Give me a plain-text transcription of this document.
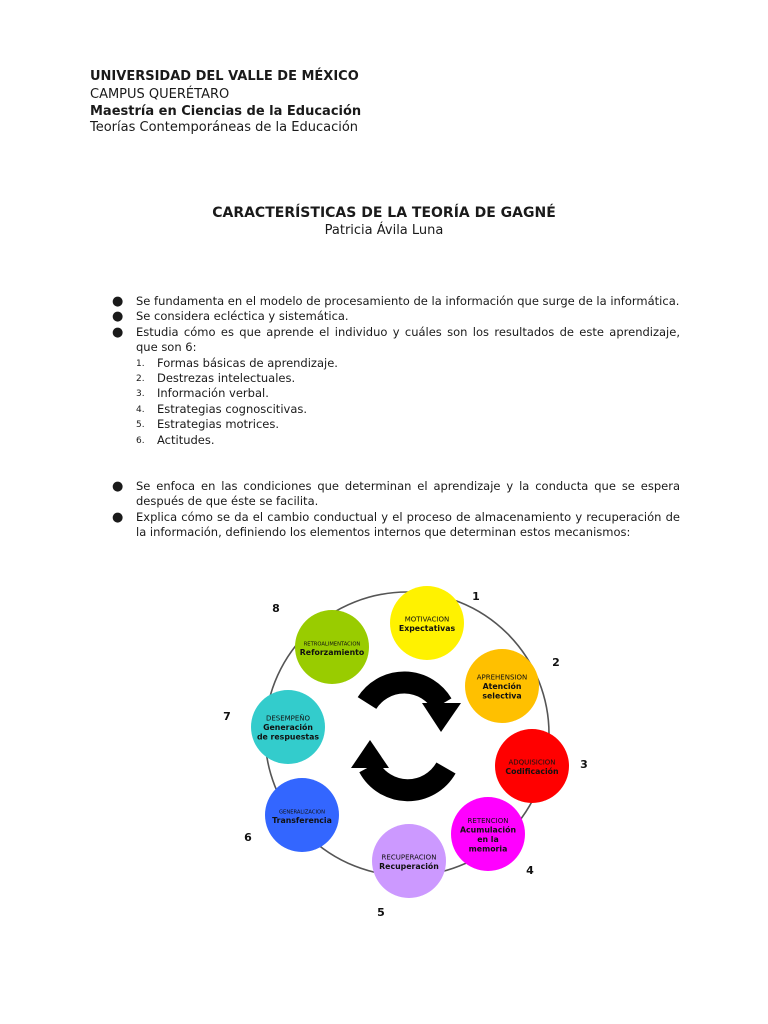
UNIVERSIDAD DEL VALLE DE MÉXICO
CAMPUS QUERÉTARO
Maestría en Ciencias de la Educación
Teorías Contemporáneas de la Educación
CARACTERÍSTICAS DE LA TEORÍA DE GAGNÉ
Patricia Ávila Luna
● Se fundamenta en el modelo de procesamiento de la información que surge de la informática.
● Se considera ecléctica y sistemática.
● Estudia cómo es que aprende el individuo y cuáles son los resultados de este aprendizaje, que son 6:
1. Formas básicas de aprendizaje.
2. Destrezas intelectuales.
3. Información verbal.
4. Estrategias cognoscitivas.
5. Estrategias motrices.
6. Actitudes.
● Se enfoca en las condiciones que determinan el aprendizaje y la conducta que se espera después de que éste se facilita.
● Explica cómo se da el cambio conductual y el proceso de almacenamiento y recuperación de la información, definiendo los elementos internos que determinan estos mecanismos:
MOTIVACION
Expectativas
1
APREHENSION
Atención
selectiva
2
ADQUISICION
Codificación
3
RETENCION
Acumulación
en la
memoria
4
RECUPERACION
Recuperación
5
GENERALIZACION
Transferencia
6
DESEMPEÑO
Generación
de respuestas
7
RETROALIMENTACION
Reforzamiento
8
